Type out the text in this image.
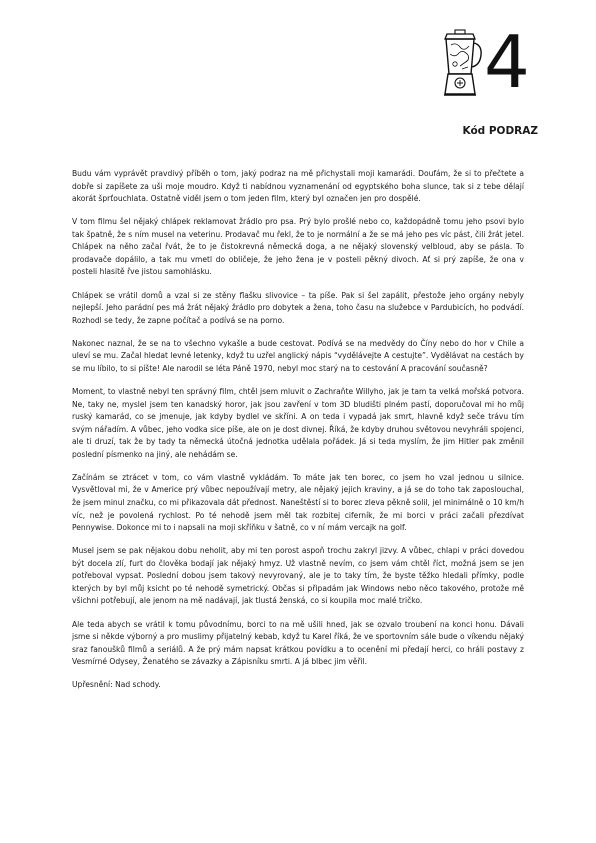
4
Kód PODRAZ

Budu vám vyprávět pravdivý příběh o tom, jaký podraz na mě přichystali moji kamarádi. Doufám, že si to přečtete a dobře si zapíšete za uši moje moudro. Když ti nabídnou vyznamenání od egyptského boha slunce, tak si z tebe dělají akorát šprťouchlata. Ostatně viděl jsem o tom jeden film, který byl označen jen pro dospělé.

V tom filmu šel nějaký chlápek reklamovat žrádlo pro psa. Prý bylo prošlé nebo co, každopádně tomu jeho psovi bylo tak špatně, že s ním musel na veterinu. Prodavač mu řekl, že to je normální a že se má jeho pes víc pást, čili žrát jetel. Chlápek na něho začal řvát, že to je čistokrevná německá doga, a ne nějaký slovenský velbloud, aby se pásla. To prodavače dopálilo, a tak mu vmetl do obličeje, že jeho žena je v posteli pěkný divoch. Ať si prý zapíše, že ona v posteli hlasitě řve jistou samohlásku.

Chlápek se vrátil domů a vzal si ze stěny flašku slivovice – ta píše. Pak si šel zapálit, přestože jeho orgány nebyly nejlepší. Jeho parádní pes má žrát nějaký žrádlo pro dobytek a žena, toho času na služebce v Pardubicích, ho podvádí. Rozhodl se tedy, že zapne počítač a podívá se na porno.

Nakonec naznal, že se na to všechno vykašle a bude cestovat. Podívá se na medvědy do Číny nebo do hor v Chile a uleví se mu. Začal hledat levné letenky, když tu uzřel anglický nápis “vydělávejte A cestujte”. Vydělávat na cestách by se mu líbilo, to si píšte! Ale narodil se léta Páně 1970, nebyl moc starý na to cestování A pracování současně?

Moment, to vlastně nebyl ten správný film, chtěl jsem mluvit o Zachraňte Willyho, jak je tam ta velká mořská potvora. Ne, taky ne, myslel jsem ten kanadský horor, jak jsou zavření v tom 3D bludišti plném pastí, doporučoval mi ho můj ruský kamarád, co se jmenuje, jak kdyby bydlel ve skříni. A on teda i vypadá jak smrt, hlavně když seče trávu tím svým nářadím. A vůbec, jeho vodka sice píše, ale on je dost divnej. Říká, že kdyby druhou světovou nevyhráli spojenci, ale ti druzí, tak že by tady ta německá útočná jednotka udělala pořádek. Já si teda myslím, že jim Hitler pak změnil poslední písmenko na jiný, ale nehádám se.

Začínám se ztrácet v tom, co vám vlastně vykládám. To máte jak ten borec, co jsem ho vzal jednou u silnice. Vysvětloval mi, že v Americe prý vůbec nepoužívají metry, ale nějaký jejich kraviny, a já se do toho tak zaposlouchal, že jsem minul značku, co mi přikazovala dát přednost. Naneštěstí si to borec zleva pěkně solil, jel minimálně o 10 km/h víc, než je povolená rychlost. Po té nehodě jsem měl tak rozbitej ciferník, že mi borci v práci začali přezdívat Pennywise. Dokonce mi to i napsali na moji skříňku v šatně, co v ní mám vercajk na golf.

Musel jsem se pak nějakou dobu neholit, aby mi ten porost aspoň trochu zakryl jizvy. A vůbec, chlapi v práci dovedou být docela zlí, furt do člověka bodají jak nějaký hmyz. Už vlastně nevím, co jsem vám chtěl říct, možná jsem se jen potřeboval vypsat. Poslední dobou jsem takový nevyrovaný, ale je to taky tím, že byste těžko hledali přímky, podle kterých by byl můj ksicht po té nehodě symetrický. Občas si připadám jak Windows nebo něco takového, protože mě všichni potřebují, ale jenom na mě nadávají, jak tlustá ženská, co si koupila moc malé tričko.

Ale teda abych se vrátil k tomu původnímu, borci to na mě ušili hned, jak se ozvalo troubení na konci honu. Dávali jsme si někde výborný a pro muslimy přijatelný kebab, když tu Karel říká, že ve sportovním sále bude o víkendu nějaký sraz fanoušků filmů a seriálů. A že prý mám napsat krátkou povídku a to ocenění mi předají herci, co hráli postavy z Vesmírné Odysey, Ženatého se závazky a Zápisníku smrti. A já blbec jim věřil.

Upřesnění: Nad schody.
